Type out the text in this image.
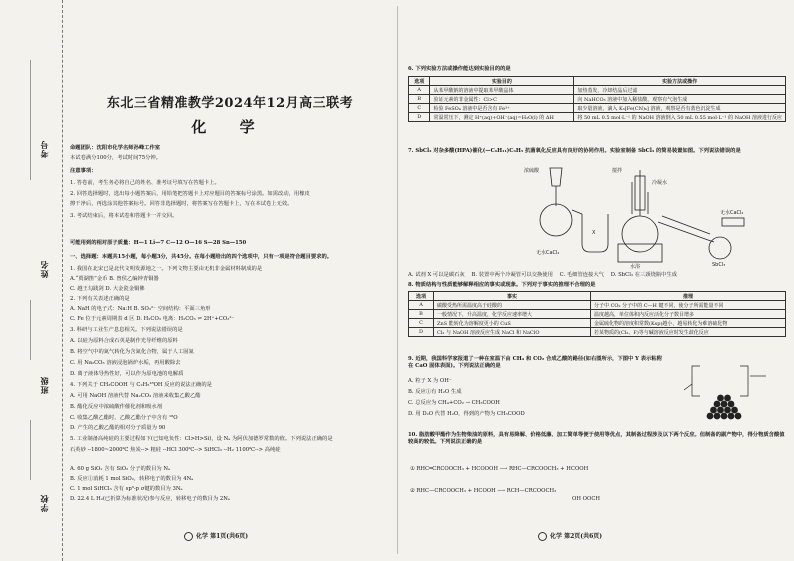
考号
姓名
班级
学校
东北三省精准教学2024年12月高三联考
化 学
命题团队：沈阳市化学名师孙峰工作室
本试卷满分100分，考试时间75分钟。
注意事项：
1. 答卷前，考生务必将自己的姓名、准考证号填写在答题卡上。
2. 回答选择题时，选出每小题答案后，用铅笔把答题卡上对应题目的答案标号涂黑。如需改动，用橡皮
擦干净后，再选涂其他答案标号。回答非选择题时，将答案写在答题卡上，写在本试卷上无效。
3. 考试结束后，将本试卷和答题卡一并交回。
可能用到的相对原子质量：H—1 Li—7 C—12 O—16 S—28 Sn—150
一、选择题：本题共15小题，每小题3分，共45分。在每小题给出的四个选项中，只有一项是符合题目要求的。
1. 我国在北宋已是北代文明发源地之一。下列文物主要由无机非金属材料制成的是
A.“贾湖笛”金币 B. 曾侯乙编钟青铜器
C. 越王勾践剑 D. 大金瓷金铜佛
2. 下列有关表述正确的是
A. NaH 的电子式：Na:H B. SO₃²⁻ 空间结构：平面三角形
C. Fe 位于元素周期表 d 区 D. H₂CO₃ 电离：H₂CO₃ ⇌ 2H⁺+CO₃²⁻
3. 科研与工业生产息息相关。下列说法错误的是
A. 以硅为原料合成石英是制作光导纤维的原料
B. 将空气中的氮气转化为含氮化合物，属于人工固氮
C. 用 Na₂CO₃ 溶液浸泡锅炉水垢，再用酸除去
D. 离子液体导热性好，可以作为原电池的电解质
4. 下列关于 CH₃COOH 与 C₂H₅¹⁸OH 反应的说法正确的是
A. 可用 NaOH 溶液代替 Na₂CO₃ 溶液来收集乙酸乙酯
B. 酯化反应中浓硫酸作催化剂和吸水剂
C. 收集乙酸乙酯时，乙酸乙酯分子中含有 ¹⁸O
D. 产生的乙酸乙酯的相对分子质量为 90
5. 工业制备高纯硅的主要过程如下(已知电负性：Cl>H>Si)，设 Nₐ 为阿伏加德罗常数的值。下列说法正确的是
石英砂 --1800~2000℃ 焦炭--> 粗硅 --HCl 300℃--> SiHCl₃ --H₂ 1100℃--> 高纯硅
A. 60 g SiO₂ 含有 SiO₂ 分子的数目为 Nₐ
B. 反应①消耗 1 mol SiO₂，转移电子的数目为 4Nₐ
C. 1 mol SiHCl₃ 含有 sp³-p σ键的数目为 3Nₐ
D. 22.4 L H₂(已折算为标准状况)参与反应，转移电子的数目为 2Nₐ
化学 第1页(共6页)
6. 下列实验方法或操作能达到实验目的的是
选项	实验目的	实验方法或操作
A	从苯甲酸钠的溶液中提取苯甲酸晶体	加热蒸发，冷却结晶后过滤
B	验证元素的非金属性：Cl>C	向 NaHCO₃ 溶液中加入稀盐酸，观察有气泡生成
C	检验 FeSO₄ 溶液中是否含有 Fe³⁺	取少量溶液，滴入 K₃[Fe(CN)₆] 溶液，观察是否有蓝色沉淀生成
D	常温常压下，测定 H⁺(aq)+OH⁻(aq)=H₂O(l) 的 ΔH	将 50 mL 0.5 mol·L⁻¹ 的 NaOH 溶液倒入 50 mL 0.55 mol·L⁻¹ 的 NaOH 溶液进行反应
7. SbCl₃ 对杂多酸(HPA)催化(—C₆H₁₁)C₆H₅ 抗菌氧化反应具有良好的协同作用。实验室制备 SbCl₃ 的简易装置如图。下列说法错误的是
浓硫酸
无水CaCl₂
X
冷凝水
搅拌
水浴
无水CaCl₂
SbCl₃
A. 试剂 X 可以是碳石灰 B. 装置中两个冷凝管可以交换使用 C. 毛细管连接大气 D. SbCl₃ 在三颈烧瓶中生成
8. 物质结构与性质能够解释相应的事实或现象。下列对于事实的推理不合理的是
选项	事实	推理
A	碳酸受热所需温度高于硅酸的	分子中 CO₂ 分子中的 C—H 键不同，使分子所需能量不同
B	一般情况下，升高温度，化学反应速率增大	温度越高，单位体积内反应活化分子数目增多
C	ZnS 能转化为溶解度更小的 CuS	金属硫化物的溶度积常数(Ksp)越小，越易转化为难溶硫化物
D	Cl₂ 与 NaOH 溶液反应生成 NaCl 和 NaClO	若某物质的(Cl₂、F)等与碱溶液反应时发生歧化反应
9. 近期，我国科学家报道了一种在室温下由 CH₄ 和 CO₂ 合成乙酸的路径(如右图所示，下图中 Y 表示粘附在 CaO 固体表面)。下列说法正确的是
A. 粒子 X 为 OH⁻
B. 反应①有 H₂O 生成
C. 总反应为 CH₄+CO₂ → CH₃COOH
D. 用 D₂O 代替 H₂O，得到的产物为 CH₃COOD
10. 脂肪酸甲酯作为生物柴油的原料，具有易降解、价格低廉、加工简单等便于使用等优点，其制备过程涉及以下两个反应。但制备的副产物中，得分物质含酸值较高的较低。下列说法正确的是
① RHC═CRCOOCH₃ + HCOOOH ⟶ RHC—CRCOOCH₃ + HCOOH
② RHC—CRCOOCH₃ + HCOOH ⟶ RCH—CRCOOCH₃
OH OOCH
化学 第2页(共6页)
